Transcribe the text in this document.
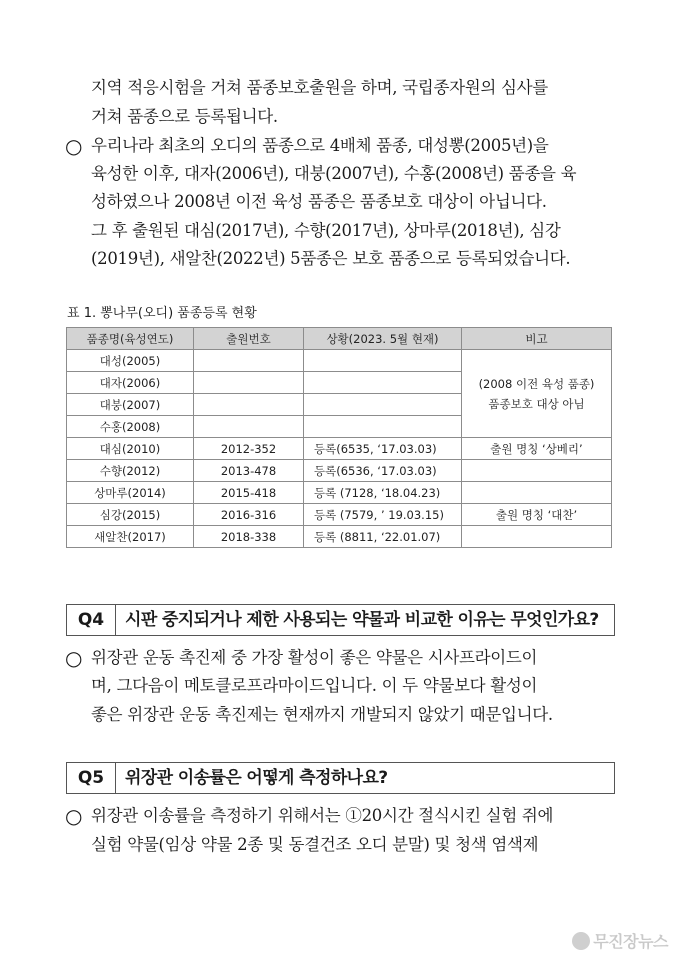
지역 적응시험을 거쳐 품종보호출원을 하며, 국립종자원의 심사를
거쳐 품종으로 등록됩니다.
○ 우리나라 최초의 오디의 품종으로 4배체 품종, 대성뽕(2005년)을
육성한 이후, 대자(2006년), 대붕(2007년), 수홍(2008년) 품종을 육
성하였으나 2008년 이전 육성 품종은 품종보호 대상이 아닙니다.
그 후 출원된 대심(2017년), 수향(2017년), 상마루(2018년), 심강
(2019년), 새알찬(2022년) 5품종은 보호 품종으로 등록되었습니다.
표 1. 뽕나무(오디) 품종등록 현황
품종명(육성연도)	출원번호	상황(2023. 5월 현재)	비고
대성(2005)			(2008 이전 육성 품종)
품종보호 대상 아님

대자(2006)			
대붕(2007)			
수홍(2008)			
대심(2010)	2012-352	등록(6535, ‘17.03.03)	출원 명칭 ‘상베리’
수향(2012)	2013-478	등록(6536, ‘17.03.03)	
상마루(2014)	2015-418	등록 (7128, ‘18.04.23)	
심강(2015)	2016-316	등록 (7579, ’ 19.03.15)	출원 명칭 ‘대찬’
새알찬(2017)	2018-338	등록 (8811, ‘22.01.07)	
Q4	시판 중지되거나 제한 사용되는 약물과 비교한 이유는 무엇인가요?
○ 위장관 운동 촉진제 중 가장 활성이 좋은 약물은 시사프라이드이
며, 그다음이 메토클로프라마이드입니다. 이 두 약물보다 활성이
좋은 위장관 운동 촉진제는 현재까지 개발되지 않았기 때문입니다.
Q5	위장관 이송률은 어떻게 측정하나요?
○ 위장관 이송률을 측정하기 위해서는 ①20시간 절식시킨 실험 쥐에
실험 약물(임상 약물 2종 및 동결건조 오디 분말) 및 청색 염색제
무진장뉴스
